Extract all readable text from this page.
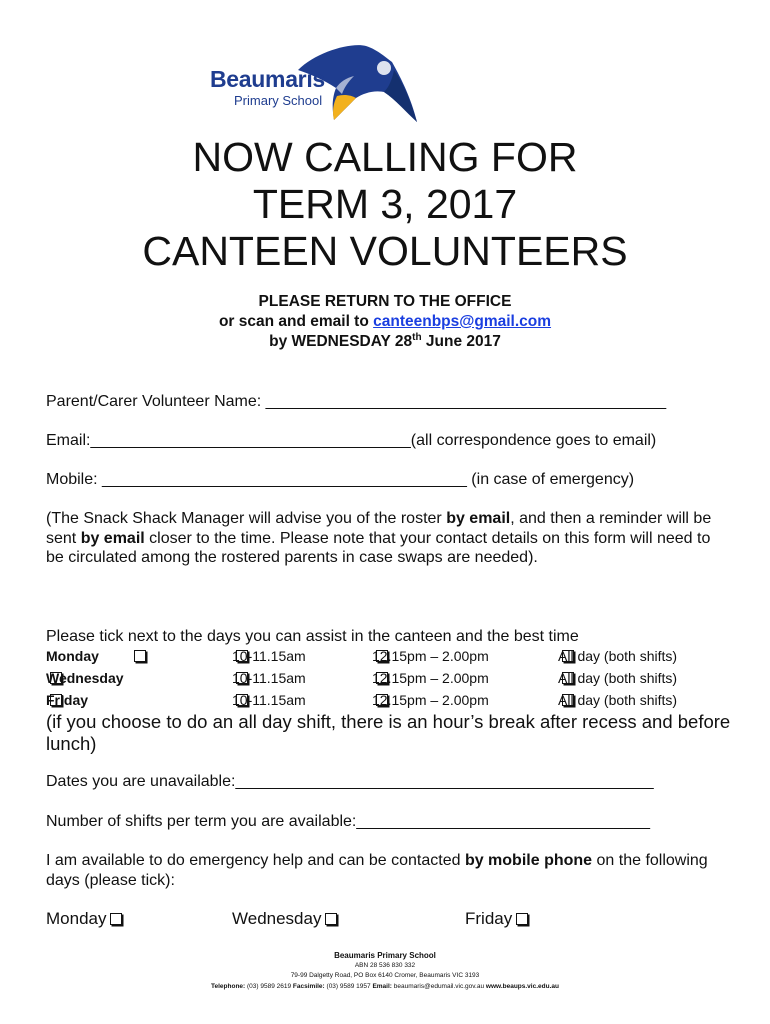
Beaumaris
Primary School
NOW CALLING FOR
TERM 3, 2017
CANTEEN VOLUNTEERS
PLEASE RETURN TO THE OFFICE
or scan and email to canteenbps@gmail.com
by WEDNESDAY 28th June 2017
Parent/Carer Volunteer Name: _____________________________________________
Email:____________________________________(all correspondence goes to email)
Mobile: _________________________________________ (in case of emergency)
(The Snack Shack Manager will advise you of the roster by email, and then a reminder will be sent by email closer to the time. Please note that your contact details on this form will need to be circulated among the rostered parents in case swaps are needed).
Please tick next to the days you can assist in the canteen and the best time
Monday	10-11.15am	12.15pm – 2.00pm	All day (both shifts)
Wednesday	10-11.15am	12.15pm – 2.00pm	All day (both shifts)
Friday	10-11.15am	12.15pm – 2.00pm	All day (both shifts)
(if you choose to do an all day shift, there is an hour’s break after recess and before lunch)
Dates you are unavailable:_______________________________________________
Number of shifts per term you are available:_________________________________
I am available to do emergency help and can be contacted by mobile phone on the following days (please tick):
Monday	Wednesday	Friday
Beaumaris Primary School
ABN 28 536 830 332
79-99 Dalgetty Road, PO Box 6140 Cromer, Beaumaris VIC 3193
Telephone: (03) 9589 2619 Facsimile: (03) 9589 1957 Email: beaumaris@edumail.vic.gov.au www.beaups.vic.edu.au
